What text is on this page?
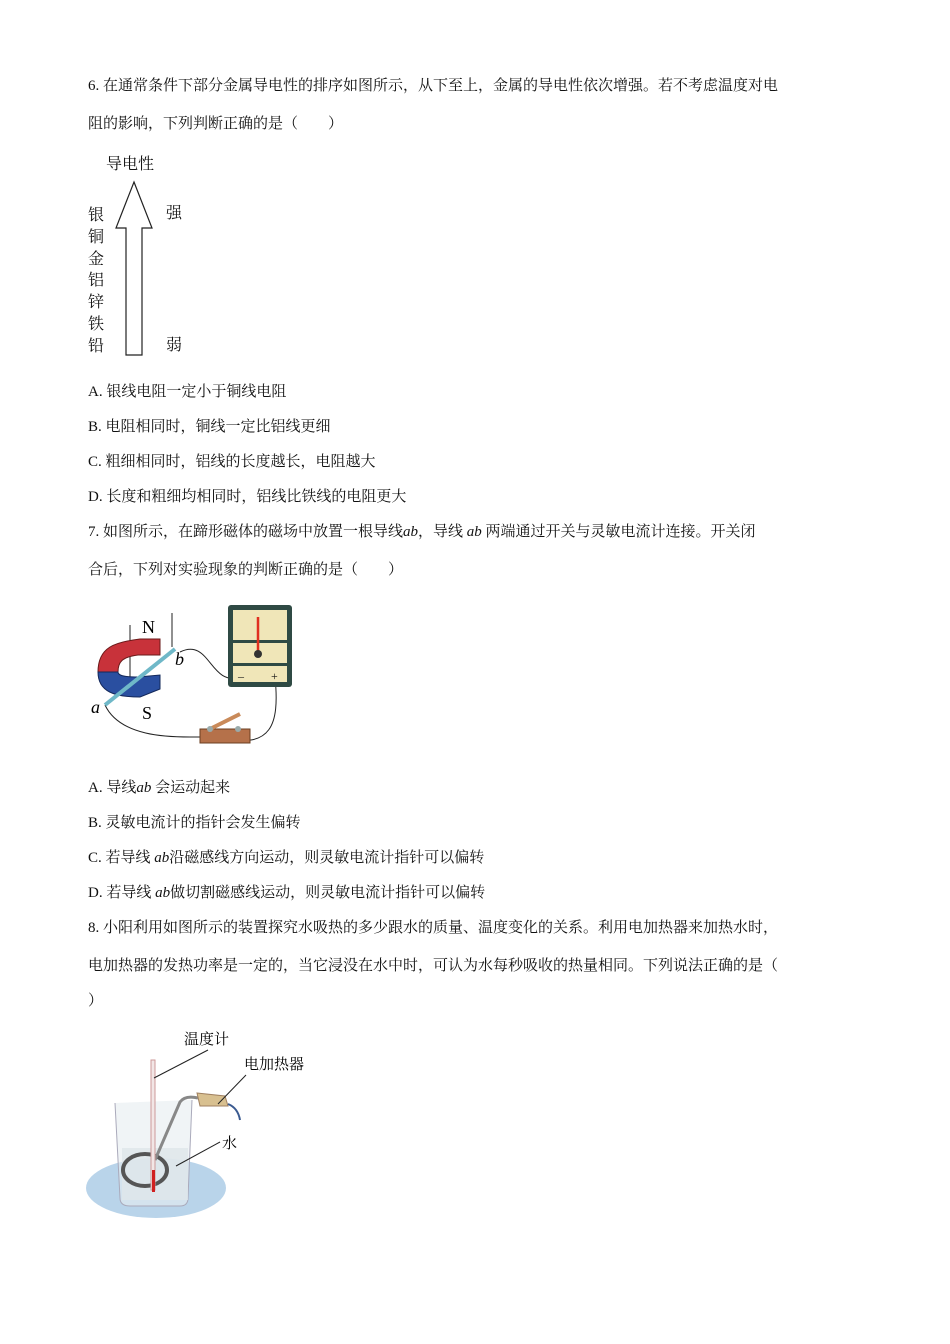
6. 在通常条件下部分金属导电性的排序如图所示，从下至上，金属的导电性依次增强。若不考虑温度对电
阻的影响，下列判断正确的是（　　）
导电性
银
铜
金
铝
锌
铁
铅
强
弱
A. 银线电阻一定小于铜线电阻
B. 电阻相同时，铜线一定比铝线更细
C. 粗细相同时，铝线的长度越长，电阻越大
D. 长度和粗细均相同时，铝线比铁线的电阻更大
7. 如图所示，在蹄形磁体的磁场中放置一根导线ab，导线 ab 两端通过开关与灵敏电流计连接。开关闭
合后，下列对实验现象的判断正确的是（　　）
N
S
a
b
– +
A. 导线ab 会运动起来
B. 灵敏电流计的指针会发生偏转
C. 若导线 ab沿磁感线方向运动，则灵敏电流计指针可以偏转
D. 若导线 ab做切割磁感线运动，则灵敏电流计指针可以偏转
8. 小阳利用如图所示的装置探究水吸热的多少跟水的质量、温度变化的关系。利用电加热器来加热水时，
电加热器的发热功率是一定的，当它浸没在水中时，可认为水每秒吸收的热量相同。下列说法正确的是（
）
温度计
电加热器
水
